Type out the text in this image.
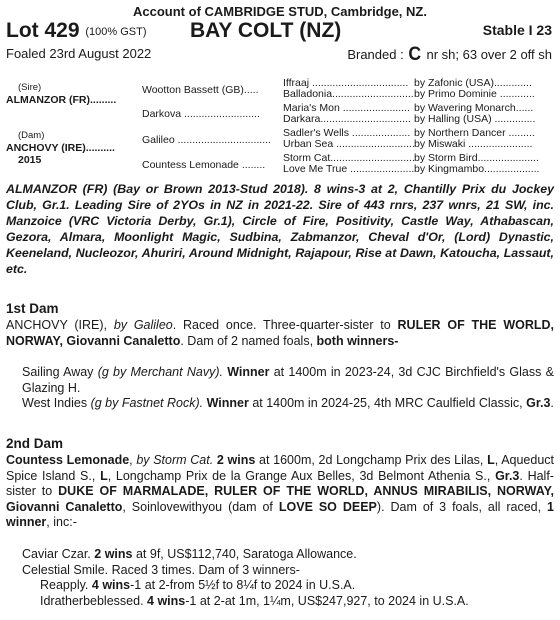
Account of CAMBRIDGE STUD, Cambridge, NZ.
Lot 429 (100% GST) BAY COLT (NZ)	Stable I 23
Foaled 23rd August 2022	Branded : C nr sh; 63 over 2 off sh
(Sire)
ALMANZOR (FR).........
(Dam)
ANCHOVY (IRE)..........
2015
Wootton Bassett (GB).....
Darkova ..........................
Galileo ................................
Countess Lemonade ........
Iffraaj .................................
Balladonia............................
Maria's Mon .......................
Darkara...............................
Sadler's Wells ....................
Urban Sea ...........................
Storm Cat.............................
Love Me True ......................
by Zafonic (USA).............
by Primo Dominie ............
by Wavering Monarch......
by Halling (USA) ..............
by Northern Dancer .........
by Miswaki ......................
by Storm Bird.....................
by Kingmambo...................
ALMANZOR (FR) (Bay or Brown 2013-Stud 2018). 8 wins-3 at 2, Chantilly Prix du Jockey Club, Gr.1. Leading Sire of 2YOs in NZ in 2021-22. Sire of 443 rnrs, 237 wnrs, 21 SW, inc. Manzoice (VRC Victoria Derby, Gr.1), Circle of Fire, Positivity, Castle Way, Athabascan, Gezora, Almara, Moonlight Magic, Sudbina, Zabmanzor, Cheval d'Or, (Lord) Dynastic, Keeneland, Nucleozor, Ahuriri, Around Midnight, Rajapour, Rise at Dawn, Katoucha, Lassaut, etc.
1st Dam
ANCHOVY (IRE), by Galileo. Raced once. Three-quarter-sister to RULER OF THE WORLD, NORWAY, Giovanni Canaletto. Dam of 2 named foals, both winners-
Sailing Away (g by Merchant Navy). Winner at 1400m in 2023-24, 3d CJC Birchfield's Glass & Glazing H.
West Indies (g by Fastnet Rock). Winner at 1400m in 2024-25, 4th MRC Caulfield Classic, Gr.3.
2nd Dam
Countess Lemonade, by Storm Cat. 2 wins at 1600m, 2d Longchamp Prix des Lilas, L, Aqueduct Spice Island S., L, Longchamp Prix de la Grange Aux Belles, 3d Belmont Athenia S., Gr.3. Half-sister to DUKE OF MARMALADE, RULER OF THE WORLD, ANNUS MIRABILIS, NORWAY, Giovanni Canaletto, Soinlovewithyou (dam of LOVE SO DEEP). Dam of 3 foals, all raced, 1 winner, inc:-
Caviar Czar. 2 wins at 9f, US$112,740, Saratoga Allowance.
Celestial Smile. Raced 3 times. Dam of 3 winners-
Reapply. 4 wins-1 at 2-from 5½f to 8¼f to 2024 in U.S.A.
Idratherbeblessed. 4 wins-1 at 2-at 1m, 1¼m, US$247,927, to 2024 in U.S.A.
